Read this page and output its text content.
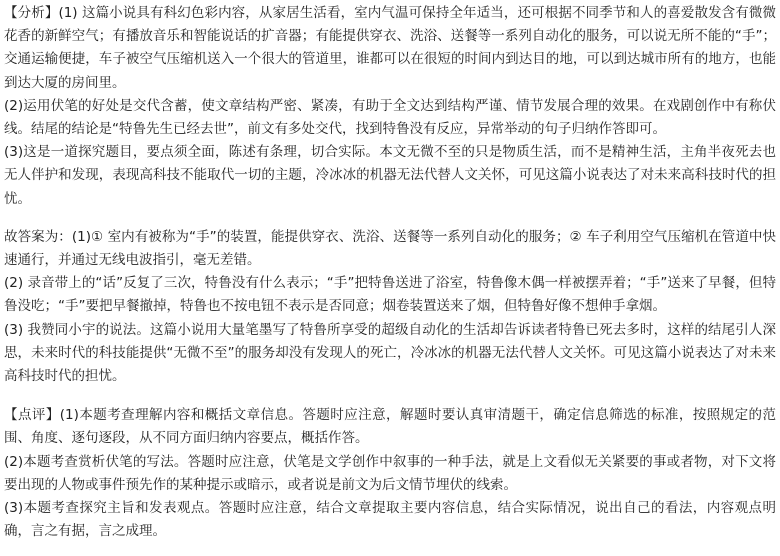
【分析】(1) 这篇小说具有科幻色彩内容，从家居生活看，室内气温可保持全年适当，还可根据不同季节和人的喜爱散发含有微微花香的新鲜空气；有播放音乐和智能说话的扩音器；有能提供穿衣、洗浴、送餐等一系列自动化的服务，可以说无所不能的“手”；交通运输便捷，车子被空气压缩机送入一个很大的管道里，谁都可以在很短的时间内到达目的地，可以到达城市所有的地方，也能到达大厦的房间里。

(2)运用伏笔的好处是交代含蓄，使文章结构严密、紧凑，有助于全文达到结构严谨、情节发展合理的效果。在戏剧创作中有称伏线。结尾的结论是“特鲁先生已经去世”，前文有多处交代，找到特鲁没有反应，异常举动的句子归纳作答即可。

(3)这是一道探究题目，要点须全面，陈述有条理，切合实际。本文无微不至的只是物质生活，而不是精神生活，主角半夜死去也无人伴护和发现，表现高科技不能取代一切的主题，冷冰冰的机器无法代替人文关怀，可见这篇小说表达了对未来高科技时代的担忧。

故答案为：(1)① 室内有被称为“手”的装置，能提供穿衣、洗浴、送餐等一系列自动化的服务；② 车子利用空气压缩机在管道中快速通行，并通过无线电波指引，毫无差错。

(2) 录音带上的“话”反复了三次，特鲁没有什么表示；“手”把特鲁送进了浴室，特鲁像木偶一样被摆弄着；“手”送来了早餐，但特鲁没吃；“手”要把早餐撤掉，特鲁也不按电钮不表示是否同意；烟卷装置送来了烟，但特鲁好像不想伸手拿烟。

(3) 我赞同小宇的说法。这篇小说用大量笔墨写了特鲁所享受的超级自动化的生活却告诉读者特鲁已死去多时，这样的结尾引人深思，未来时代的科技能提供“无微不至”的服务却没有发现人的死亡，冷冰冰的机器无法代替人文关怀。可见这篇小说表达了对未来高科技时代的担忧。

【点评】(1)本题考查理解内容和概括文章信息。答题时应注意，解题时要认真审清题干，确定信息筛选的标准，按照规定的范围、角度、逐句逐段，从不同方面归纳内容要点，概括作答。

(2)本题考查赏析伏笔的写法。答题时应注意，伏笔是文学创作中叙事的一种手法，就是上文看似无关紧要的事或者物，对下文将要出现的人物或事件预先作的某种提示或暗示，或者说是前文为后文情节埋伏的线索。

(3)本题考查探究主旨和发表观点。答题时应注意，结合文章提取主要内容信息，结合实际情况，说出自己的看法，内容观点明确，言之有据，言之成理。
